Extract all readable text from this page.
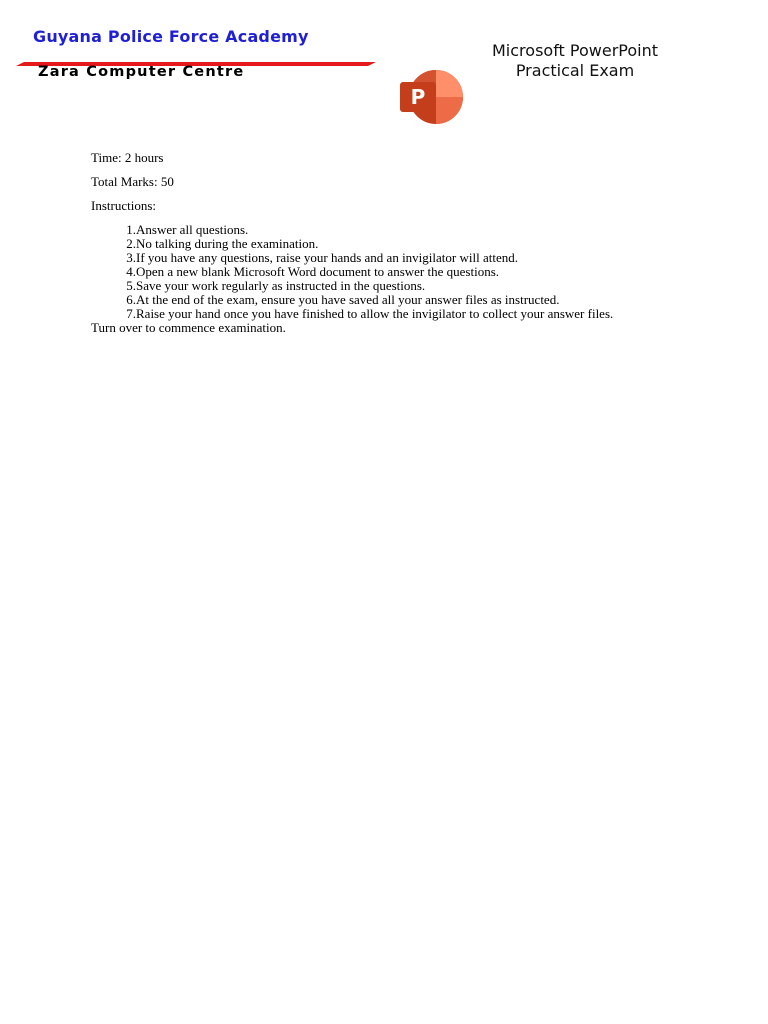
Guyana Police Force Academy
Zara Computer Centre
Microsoft PowerPoint
Practical Exam
P

Time: 2 hours

Total Marks: 50

Instructions:

1. Answer all questions.
2. No talking during the examination.
3. If you have any questions, raise your hands and an invigilator will attend.
4. Open a new blank Microsoft Word document to answer the questions.
5. Save your work regularly as instructed in the questions.
6. At the end of the exam, ensure you have saved all your answer files as instructed.
7. Raise your hand once you have finished to allow the invigilator to collect your answer files.

Turn over to commence examination.
